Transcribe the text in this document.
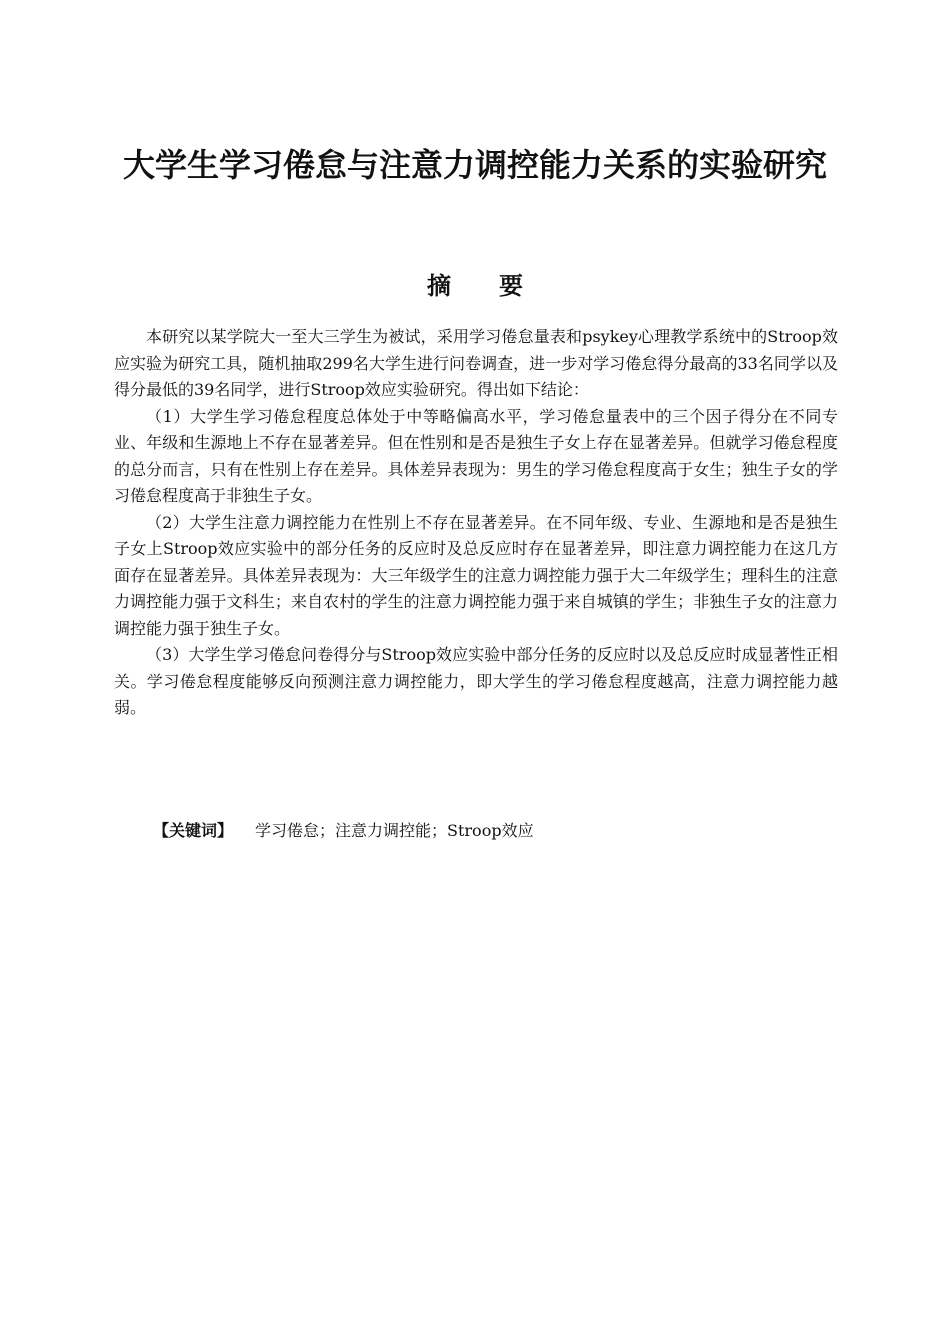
大学生学习倦怠与注意力调控能力关系的实验研究
摘要

本研究以某学院大一至大三学生为被试，采用学习倦怠量表和psykey心理教学系统中的Stroop效应实验为研究工具，随机抽取299名大学生进行问卷调查，进一步对学习倦怠得分最高的33名同学以及得分最低的39名同学，进行Stroop效应实验研究。得出如下结论：

（1）大学生学习倦怠程度总体处于中等略偏高水平，学习倦怠量表中的三个因子得分在不同专业、年级和生源地上不存在显著差异。但在性别和是否是独生子女上存在显著差异。但就学习倦怠程度的总分而言，只有在性别上存在差异。具体差异表现为：男生的学习倦怠程度高于女生；独生子女的学习倦怠程度高于非独生子女。

（2）大学生注意力调控能力在性别上不存在显著差异。在不同年级、专业、生源地和是否是独生子女上Stroop效应实验中的部分任务的反应时及总反应时存在显著差异，即注意力调控能力在这几方面存在显著差异。具体差异表现为：大三年级学生的注意力调控能力强于大二年级学生；理科生的注意力调控能力强于文科生；来自农村的学生的注意力调控能力强于来自城镇的学生；非独生子女的注意力调控能力强于独生子女。

（3）大学生学习倦怠问卷得分与Stroop效应实验中部分任务的反应时以及总反应时成显著性正相关。学习倦怠程度能够反向预测注意力调控能力，即大学生的学习倦怠程度越高，注意力调控能力越弱。

【关键词】 学习倦怠；注意力调控能；Stroop效应
